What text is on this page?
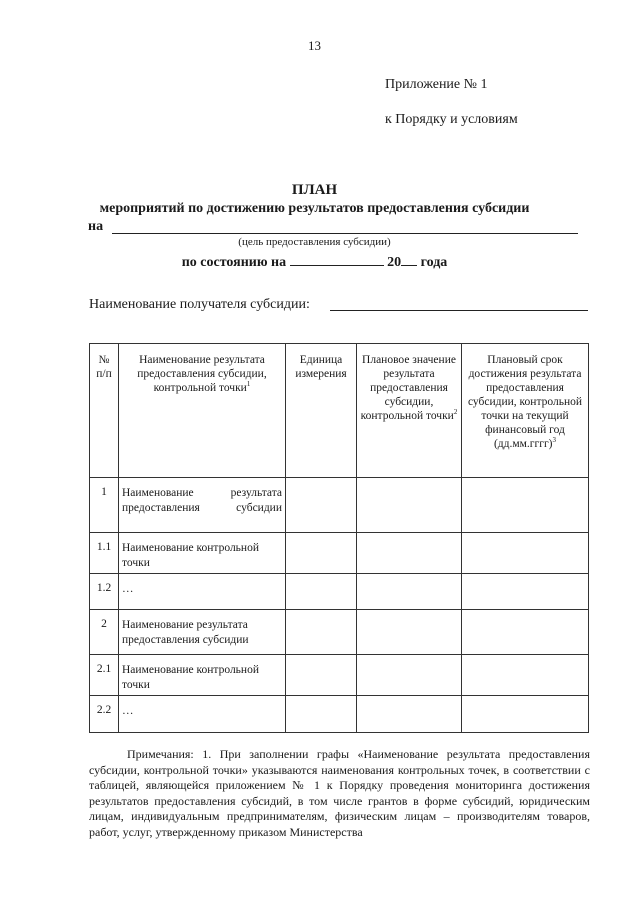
13
Приложение № 1
к Порядку и условиям
ПЛАН
мероприятий по достижению результатов предоставления субсидии
на
(цель предоставления субсидии)
по состоянию на	20 года
Наименование получателя субсидии:
№ п/п	Наименование результата предоставления субсидии, контрольной точки$^1$	Единица измерения	Плановое значение результата предоставления субсидии, контрольной точки$^2$	Плановый срок достижения результата предоставления субсидии, контрольной точки на текущий финансовый год (дд.мм.гггг)$^3$
1	Наименование результата предоставления субсидии			
1.1	Наименование контрольной точки			
1.2	…			
2	Наименование результата предоставления субсидии			
2.1	Наименование контрольной точки			
2.2	…			
Примечания: 1. При заполнении графы «Наименование результата предоставления субсидии, контрольной точки» указываются наименования контрольных точек, в соответствии с таблицей, являющейся приложением № 1 к Порядку проведения мониторинга достижения результатов предоставления субсидий, в том числе грантов в форме субсидий, юридическим лицам, индивидуальным предпринимателям, физическим лицам – производителям товаров, работ, услуг, утвержденному приказом Министерства
